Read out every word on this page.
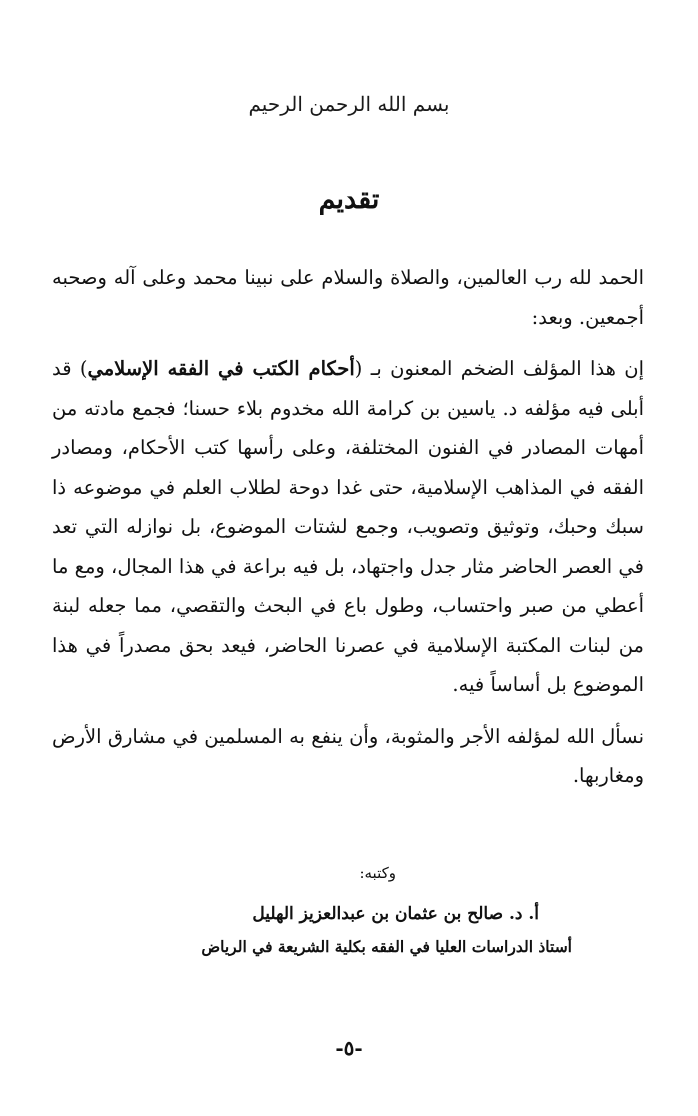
بسم الله الرحمن الرحيم
تقديم

الحمد لله رب العالمين، والصلاة والسلام على نبينا محمد وعلى آله وصحبه أجمعين. وبعد:

إن هذا المؤلف الضخم المعنون بـ (أحكام الكتب في الفقه الإسلامي) قد أبلى فيه مؤلفه د. ياسين بن كرامة الله مخدوم بلاء حسنا؛ فجمع مادته من أمهات المصادر في الفنون المختلفة، وعلى رأسها كتب الأحكام، ومصادر الفقه في المذاهب الإسلامية، حتى غدا دوحة لطلاب العلم في موضوعه ذا سبك وحبك، وتوثيق وتصويب، وجمع لشتات الموضوع، بل نوازله التي تعد في العصر الحاضر مثار جدل واجتهاد، بل فيه براعة في هذا المجال، ومع ما أعطي من صبر واحتساب، وطول باع في البحث والتقصي، مما جعله لبنة من لبنات المكتبة الإسلامية في عصرنا الحاضر، فيعد بحق مصدراً في هذا الموضوع بل أساساً فيه.

نسأل الله لمؤلفه الأجر والمثوبة، وأن ينفع به المسلمين في مشارق الأرض ومغاربها.

وكتبه:
أ. د. صالح بن عثمان بن عبدالعزيز الهليل
أستاذ الدراسات العليا في الفقه بكلية الشريعة في الرياض
-٥-
